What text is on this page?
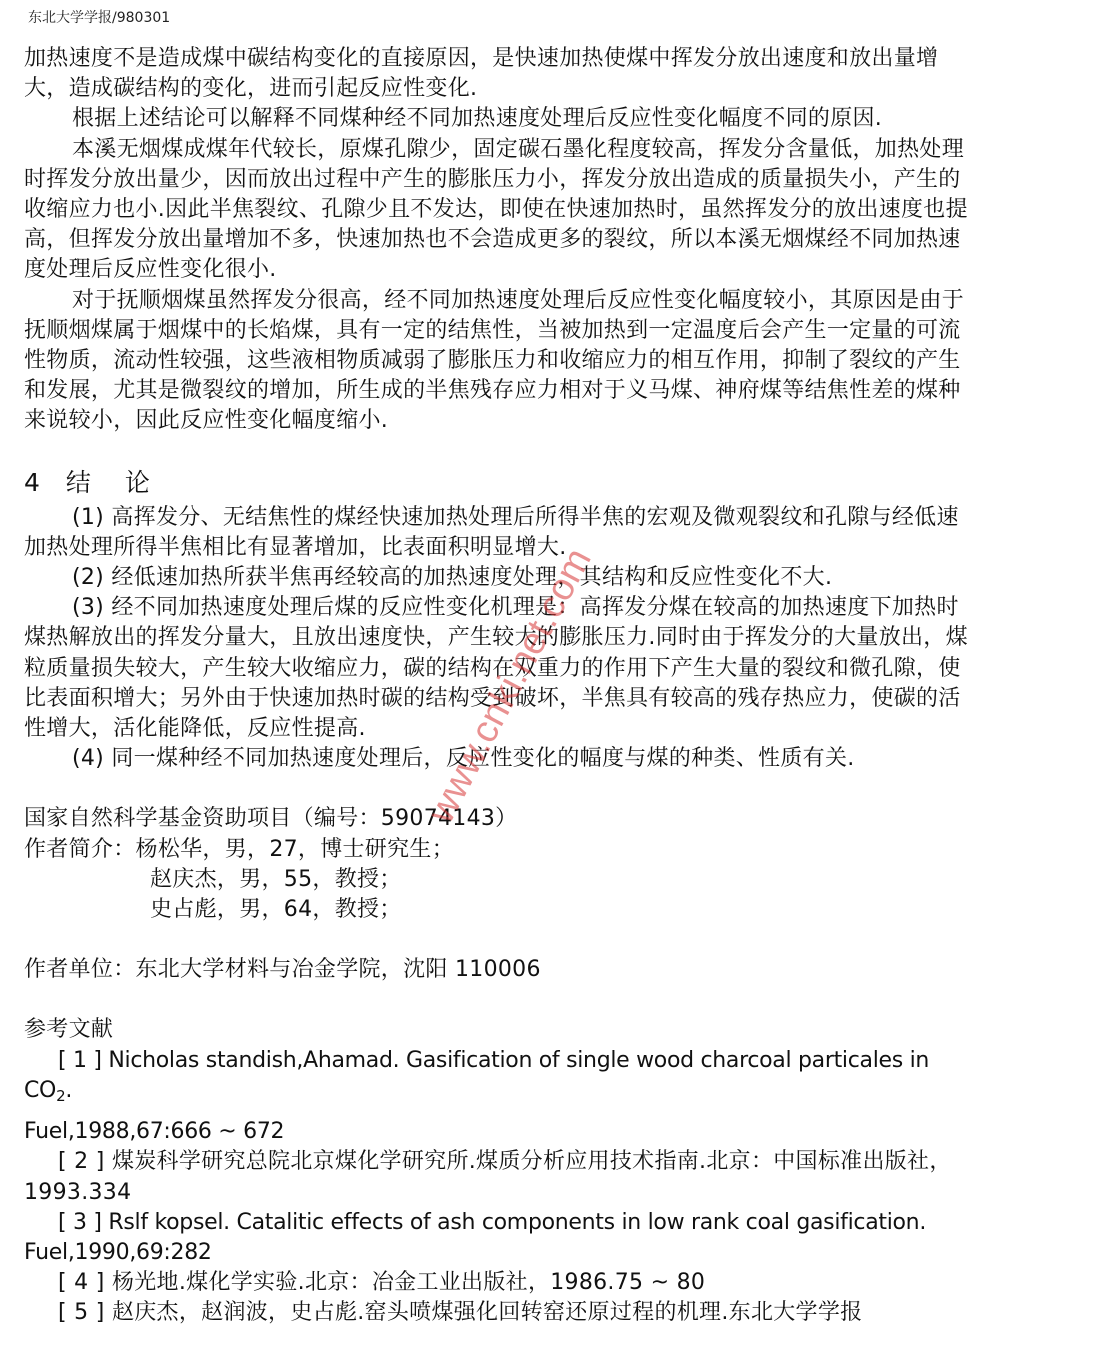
东北大学学报/980301

加热速度不是造成煤中碳结构变化的直接原因，是快速加热使煤中挥发分放出速度和放出量增大，造成碳结构的变化，进而引起反应性变化.

根据上述结论可以解释不同煤种经不同加热速度处理后反应性变化幅度不同的原因.

本溪无烟煤成煤年代较长，原煤孔隙少，固定碳石墨化程度较高，挥发分含量低，加热处理时挥发分放出量少，因而放出过程中产生的膨胀压力小，挥发分放出造成的质量损失小，产生的收缩应力也小.因此半焦裂纹、孔隙少且不发达，即使在快速加热时，虽然挥发分的放出速度也提高，但挥发分放出量增加不多，快速加热也不会造成更多的裂纹，所以本溪无烟煤经不同加热速度处理后反应性变化很小.

对于抚顺烟煤虽然挥发分很高，经不同加热速度处理后反应性变化幅度较小，其原因是由于抚顺烟煤属于烟煤中的长焰煤，具有一定的结焦性，当被加热到一定温度后会产生一定量的可流性物质，流动性较强，这些液相物质减弱了膨胀压力和收缩应力的相互作用，抑制了裂纹的产生和发展，尤其是微裂纹的增加，所生成的半焦残存应力相对于义马煤、神府煤等结焦性差的煤种来说较小，因此反应性变化幅度缩小.

4 结 论

(1) 高挥发分、无结焦性的煤经快速加热处理后所得半焦的宏观及微观裂纹和孔隙与经低速加热处理所得半焦相比有显著增加，比表面积明显增大.

(2) 经低速加热所获半焦再经较高的加热速度处理，其结构和反应性变化不大.

(3) 经不同加热速度处理后煤的反应性变化机理是：高挥发分煤在较高的加热速度下加热时煤热解放出的挥发分量大，且放出速度快，产生较大的膨胀压力.同时由于挥发分的大量放出，煤粒质量损失较大，产生较大收缩应力，碳的结构在双重力的作用下产生大量的裂纹和微孔隙，使比表面积增大；另外由于快速加热时碳的结构受到破坏，半焦具有较高的残存热应力，使碳的活性增大，活化能降低，反应性提高.

(4) 同一煤种经不同加热速度处理后，反应性变化的幅度与煤的种类、性质有关.

国家自然科学基金资助项目（编号：59074143）

作者简介：杨松华，男，27，博士研究生；

赵庆杰，男，55，教授；

史占彪，男，64，教授；

作者单位：东北大学材料与冶金学院，沈阳 110006

参考文献

[ 1 ] Nicholas standish,Ahamad. Gasification of single wood charcoal particales in $CO_2$.

Fuel,1988,67:666 ~ 672

[ 2 ] 煤炭科学研究总院北京煤化学研究所.煤质分析应用技术指南.北京：中国标准出版社，1993.334

[ 3 ] Rslf kopsel. Catalitic effects of ash components in low rank coal gasification.

Fuel,1990,69:282

[ 4 ] 杨光地.煤化学实验.北京：冶金工业出版社，1986.75 ~ 80

[ 5 ] 赵庆杰，赵润波，史占彪.窑头喷煤强化回转窑还原过程的机理.东北大学学报

www.cnki.net.com
